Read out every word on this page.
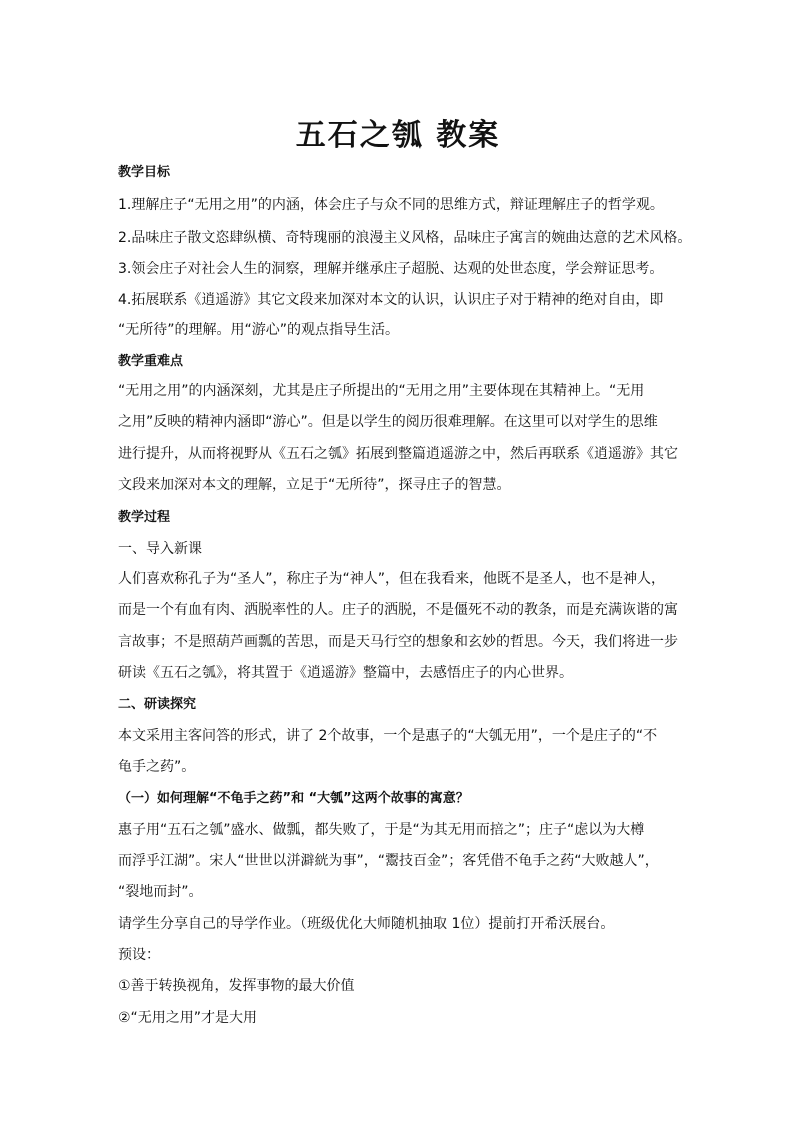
五石之瓠 教案
教学目标
1.理解庄子“无用之用”的内涵，体会庄子与众不同的思维方式，辩证理解庄子的哲学观。
2.品味庄子散文恣肆纵横、奇特瑰丽的浪漫主义风格，品味庄子寓言的婉曲达意的艺术风格。
3.领会庄子对社会人生的洞察，理解并继承庄子超脱、达观的处世态度，学会辩证思考。
4.拓展联系《逍遥游》其它文段来加深对本文的认识，认识庄子对于精神的绝对自由，即
“无所待”的理解。用“游心”的观点指导生活。
教学重难点
“无用之用”的内涵深刻，尤其是庄子所提出的“无用之用”主要体现在其精神上。“无用
之用”反映的精神内涵即“游心”。但是以学生的阅历很难理解。在这里可以对学生的思维
进行提升，从而将视野从《五石之瓠》拓展到整篇逍遥游之中，然后再联系《逍遥游》其它
文段来加深对本文的理解，立足于“无所待”，探寻庄子的智慧。
教学过程
一、导入新课
人们喜欢称孔子为“圣人”，称庄子为“神人”，但在我看来，他既不是圣人，也不是神人，
而是一个有血有肉、洒脱率性的人。庄子的洒脱，不是僵死不动的教条，而是充满诙谐的寓
言故事；不是照葫芦画瓢的苦思，而是天马行空的想象和玄妙的哲思。今天，我们将进一步
研读《五石之瓠》，将其置于《逍遥游》整篇中，去感悟庄子的内心世界。
二、研读探究
本文采用主客问答的形式，讲了 2个故事，一个是惠子的“大瓠无用”，一个是庄子的“不
龟手之药”。
（一）如何理解“不龟手之药”和 “大瓠”这两个故事的寓意？
惠子用“五石之瓠”盛水、做瓢，都失败了，于是“为其无用而掊之”；庄子“虑以为大樽
而浮乎江湖”。宋人“世世以洴澼絖为事”，“鬻技百金”；客凭借不龟手之药“大败越人”，
“裂地而封”。
请学生分享自己的导学作业。（班级优化大师随机抽取 1位）提前打开希沃展台。
预设：
①善于转换视角，发挥事物的最大价值
②“无用之用”才是大用
